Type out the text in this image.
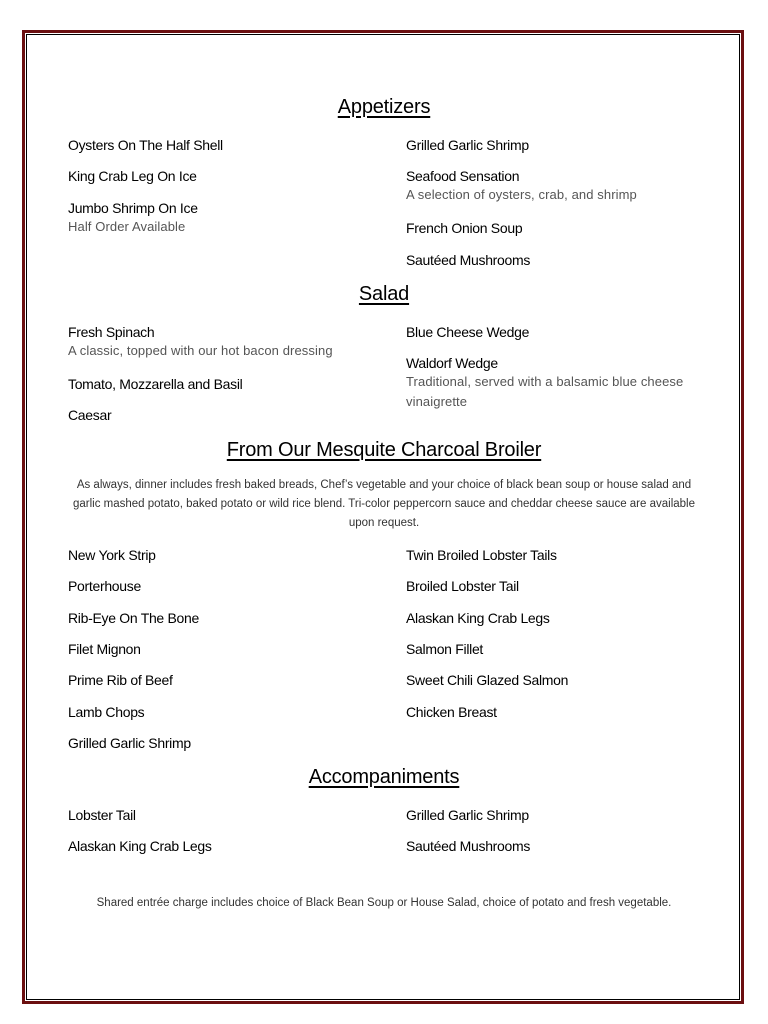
Appetizers
Oysters On The Half Shell
King Crab Leg On Ice
Jumbo Shrimp On Ice
Half Order Available
Grilled Garlic Shrimp
Seafood Sensation
A selection of oysters, crab, and shrimp
French Onion Soup
Sautéed Mushrooms
Salad
Fresh Spinach
A classic, topped with our hot bacon dressing
Tomato, Mozzarella and Basil
Caesar
Blue Cheese Wedge
Waldorf Wedge
Traditional, served with a balsamic blue cheese vinaigrette
From Our Mesquite Charcoal Broiler
As always, dinner includes fresh baked breads, Chef’s vegetable and your choice of black bean soup or house salad and garlic mashed potato, baked potato or wild rice blend. Tri-color peppercorn sauce and cheddar cheese sauce are available upon request.
New York Strip
Porterhouse
Rib-Eye On The Bone
Filet Mignon
Prime Rib of Beef
Lamb Chops
Grilled Garlic Shrimp
Twin Broiled Lobster Tails
Broiled Lobster Tail
Alaskan King Crab Legs
Salmon Fillet
Sweet Chili Glazed Salmon
Chicken Breast
Accompaniments
Lobster Tail
Alaskan King Crab Legs
Grilled Garlic Shrimp
Sautéed Mushrooms
Shared entrée charge includes choice of Black Bean Soup or House Salad, choice of potato and fresh vegetable.
